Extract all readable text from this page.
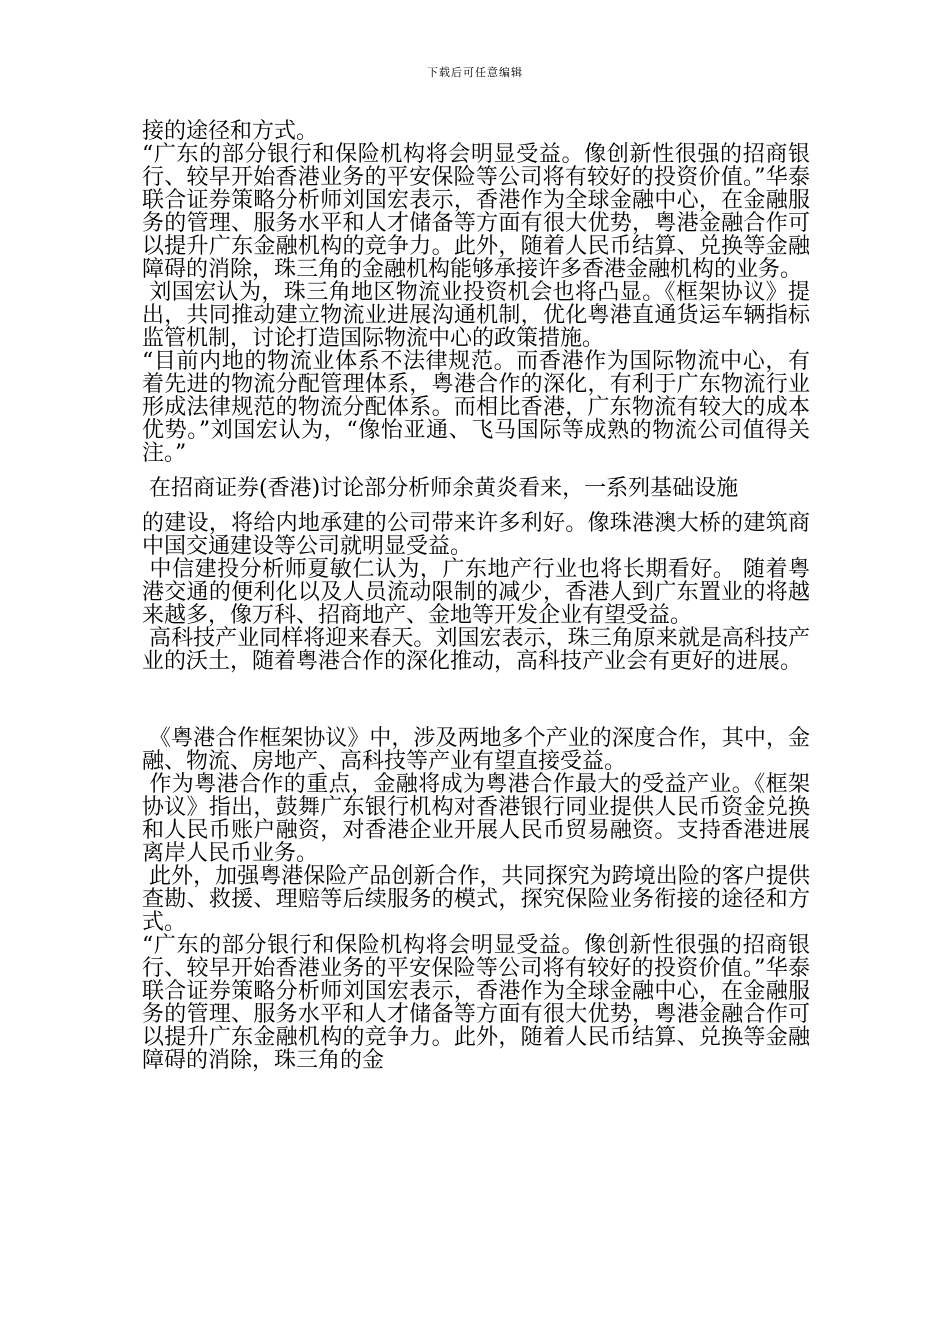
下载后可任意编辑

接的途径和方式。

“广东的部分银行和保险机构将会明显受益。像创新性很强的招商银行、较早开始香港业务的平安保险等公司将有较好的投资价值。”华泰联合证券策略分析师刘国宏表示，香港作为全球金融中心，在金融服务的管理、服务水平和人才储备等方面有很大优势，粤港金融合作可以提升广东金融机构的竞争力。此外，随着人民币结算、兑换等金融障碍的消除，珠三角的金融机构能够承接许多香港金融机构的业务。

刘国宏认为，珠三角地区物流业投资机会也将凸显。《框架协议》提出，共同推动建立物流业进展沟通机制，优化粤港直通货运车辆指标监管机制，讨论打造国际物流中心的政策措施。

“目前内地的物流业体系不法律规范。而香港作为国际物流中心，有着先进的物流分配管理体系，粤港合作的深化，有利于广东物流行业形成法律规范的物流分配体系。而相比香港，广东物流有较大的成本优势。”刘国宏认为，“像怡亚通、飞马国际等成熟的物流公司值得关注。”

在招商证券(香港)讨论部分析师余黄炎看来，一系列基础设施

的建设，将给内地承建的公司带来许多利好。像珠港澳大桥的建筑商中国交通建设等公司就明显受益。

中信建投分析师夏敏仁认为，广东地产行业也将长期看好。 随着粤港交通的便利化以及人员流动限制的减少，香港人到广东置业的将越来越多，像万科、招商地产、金地等开发企业有望受益。

高科技产业同样将迎来春天。刘国宏表示，珠三角原来就是高科技产业的沃土，随着粤港合作的深化推动，高科技产业会有更好的进展。

《粤港合作框架协议》中，涉及两地多个产业的深度合作，其中，金融、物流、房地产、高科技等产业有望直接受益。

作为粤港合作的重点，金融将成为粤港合作最大的受益产业。《框架协议》指出，鼓舞广东银行机构对香港银行同业提供人民币资金兑换和人民币账户融资，对香港企业开展人民币贸易融资。支持香港进展离岸人民币业务。

此外，加强粤港保险产品创新合作，共同探究为跨境出险的客户提供查勘、救援、理赔等后续服务的模式，探究保险业务衔接的途径和方式。

“广东的部分银行和保险机构将会明显受益。像创新性很强的招商银行、较早开始香港业务的平安保险等公司将有较好的投资价值。”华泰联合证券策略分析师刘国宏表示，香港作为全球金融中心，在金融服务的管理、服务水平和人才储备等方面有很大优势，粤港金融合作可以提升广东金融机构的竞争力。此外，随着人民币结算、兑换等金融障碍的消除，珠三角的金
